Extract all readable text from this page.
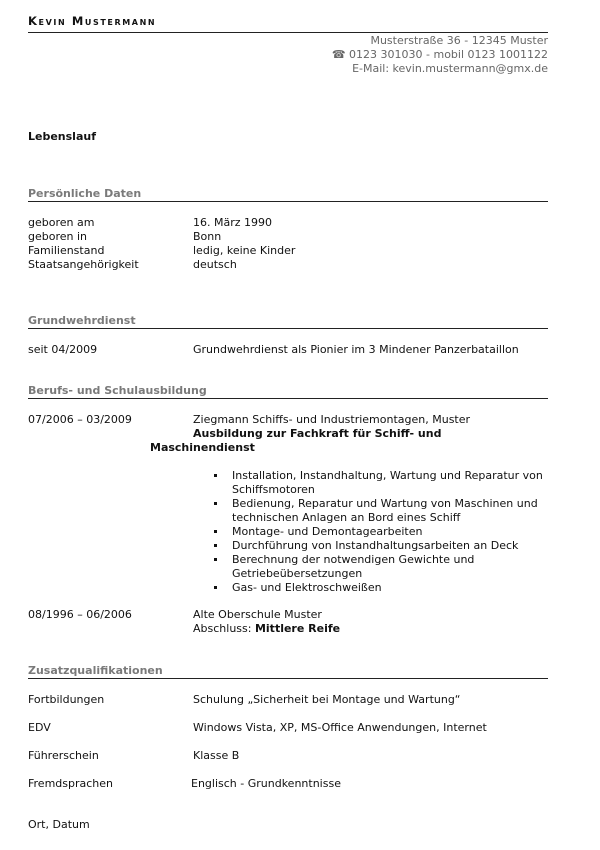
Kevin Mustermann
Musterstraße 36 - 12345 Muster
☎ 0123 301030 - mobil 0123 1001122
E-Mail: kevin.mustermann@gmx.de
Lebenslauf
Persönliche Daten
geboren am	16. März 1990
geboren in	Bonn
Familienstand	ledig, keine Kinder
Staatsangehörigkeit	deutsch
Grundwehrdienst
seit 04/2009	Grundwehrdienst als Pionier im 3 Mindener Panzerbataillon
Berufs- und Schulausbildung
07/2006 – 03/2009	Ziegmann Schiffs- und Industriemontagen, Muster
Ausbildung zur Fachkraft für Schiff- und
Maschinendienst
Installation, Instandhaltung, Wartung und Reparatur von Schiffsmotoren
Bedienung, Reparatur und Wartung von Maschinen und technischen Anlagen an Bord eines Schiff
Montage- und Demontagearbeiten
Durchführung von Instandhaltungsarbeiten an Deck
Berechnung der notwendigen Gewichte und Getriebeübersetzungen
Gas- und Elektroschweißen
08/1996 – 06/2006	Alte Oberschule Muster
Abschluss: Mittlere Reife
Zusatzqualifikationen
Fortbildungen	Schulung „Sicherheit bei Montage und Wartung“
EDV	Windows Vista, XP, MS-Office Anwendungen, Internet
Führerschein	Klasse B
Fremdsprachen	Englisch - Grundkenntnisse
Ort, Datum
